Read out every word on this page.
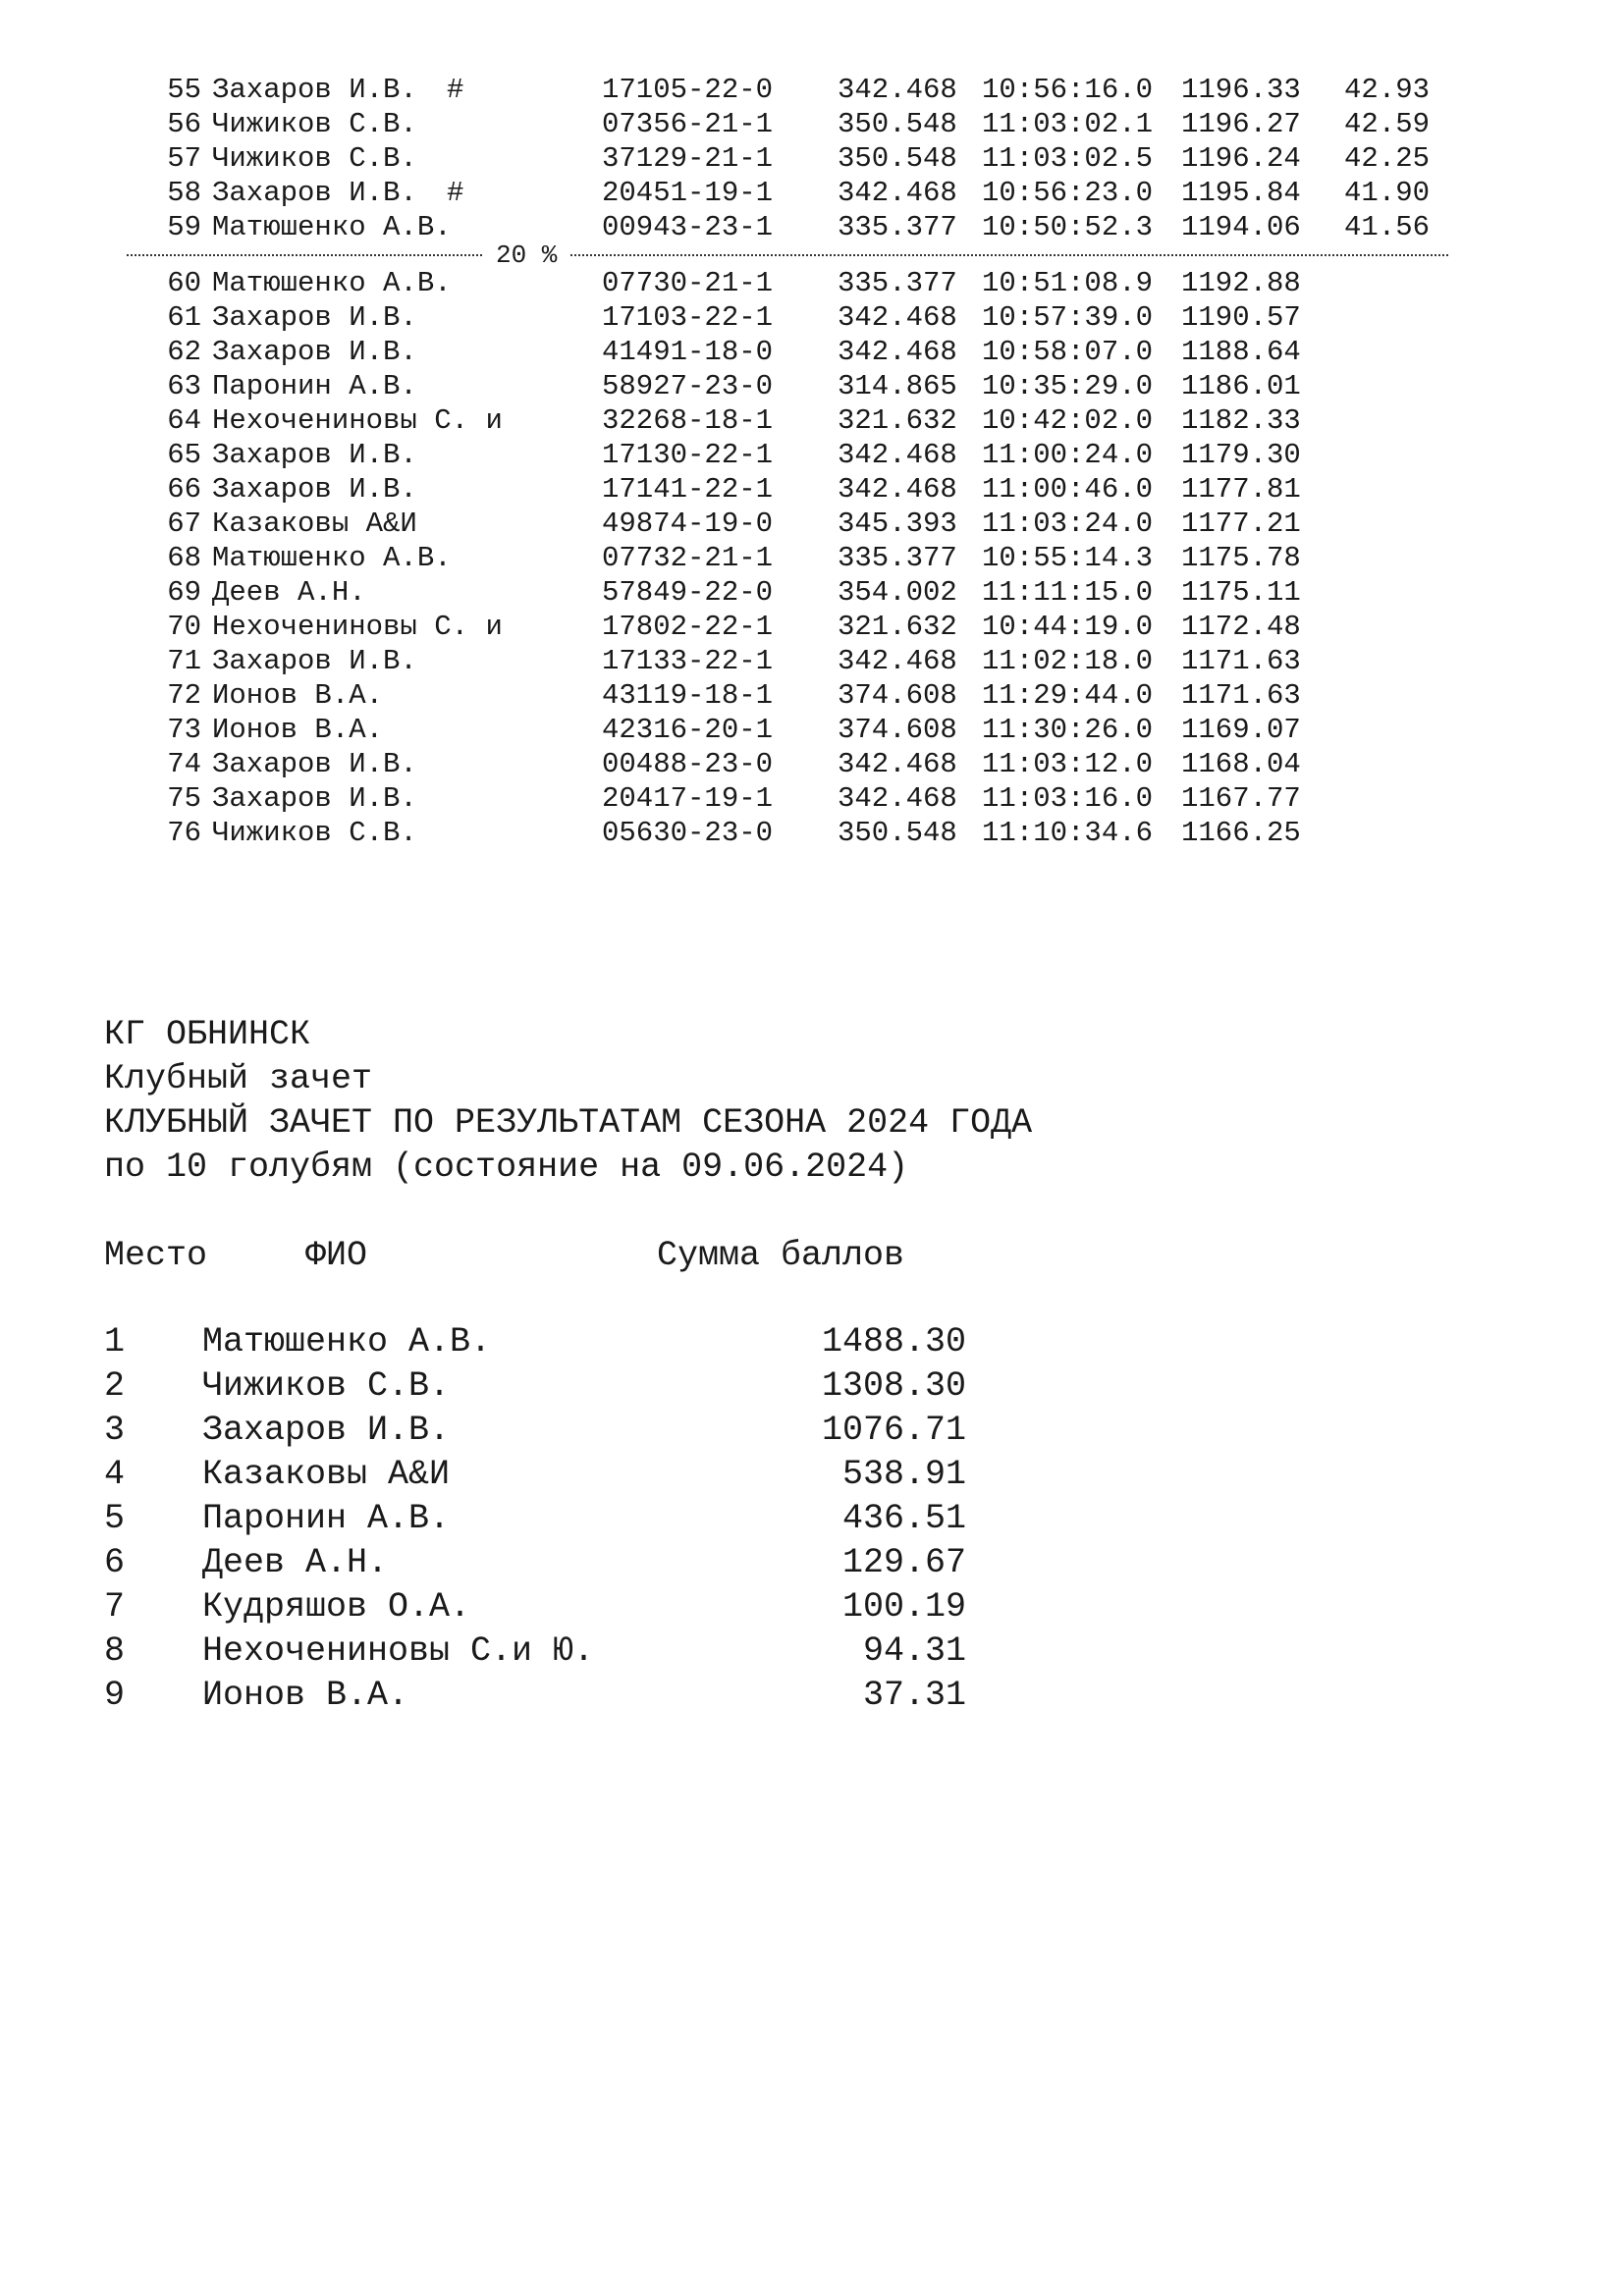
55 Захаров И.В.	#	17105-22-0 342.468 10:56:16.0 1196.33 42.93
56 Чижиков С.В.	07356-21-1 350.548 11:03:02.1 1196.27 42.59
57 Чижиков С.В.	37129-21-1 350.548 11:03:02.5 1196.24 42.25
58 Захаров И.В.	#	20451-19-1 342.468 10:56:23.0 1195.84 41.90
59 Матюшенко А.В.	00943-23-1 335.377 10:50:52.3 1194.06 41.56
20 %
60 Матюшенко А.В.	07730-21-1 335.377 10:51:08.9 1192.88
61 Захаров И.В.	17103-22-1 342.468 10:57:39.0 1190.57
62 Захаров И.В.	41491-18-0 342.468 10:58:07.0 1188.64
63 Паронин А.В.	58927-23-0 314.865 10:35:29.0 1186.01
64 Нехочениновы С. и	32268-18-1 321.632 10:42:02.0 1182.33
65 Захаров И.В.	17130-22-1 342.468 11:00:24.0 1179.30
66 Захаров И.В.	17141-22-1 342.468 11:00:46.0 1177.81
67 Казаковы А&И	49874-19-0 345.393 11:03:24.0 1177.21
68 Матюшенко А.В.	07732-21-1 335.377 10:55:14.3 1175.78
69 Деев А.Н.	57849-22-0 354.002 11:11:15.0 1175.11
70 Нехочениновы С. и	17802-22-1 321.632 10:44:19.0 1172.48
71 Захаров И.В.	17133-22-1 342.468 11:02:18.0 1171.63
72 Ионов В.А.	43119-18-1 374.608 11:29:44.0 1171.63
73 Ионов В.А.	42316-20-1 374.608 11:30:26.0 1169.07
74 Захаров И.В.	00488-23-0 342.468 11:03:12.0 1168.04
75 Захаров И.В.	20417-19-1 342.468 11:03:16.0 1167.77
76 Чижиков С.В.	05630-23-0 350.548 11:10:34.6 1166.25
КГ ОБНИНСК
Клубный зачет
КЛУБНЫЙ ЗАЧЕТ ПО РЕЗУЛЬТАТАМ СЕЗОНА 2024 ГОДА
по 10 голубям (состояние на 09.06.2024)
Место	ФИО	Сумма баллов
1 Матюшенко А.В.	1488.30
2 Чижиков С.В.	1308.30
3 Захаров И.В.	1076.71
4 Казаковы А&И	538.91
5 Паронин А.В.	436.51
6 Деев А.Н.	129.67
7 Кудряшов О.А.	100.19
8 Нехочениновы С.и Ю.	94.31
9 Ионов В.А.	37.31
